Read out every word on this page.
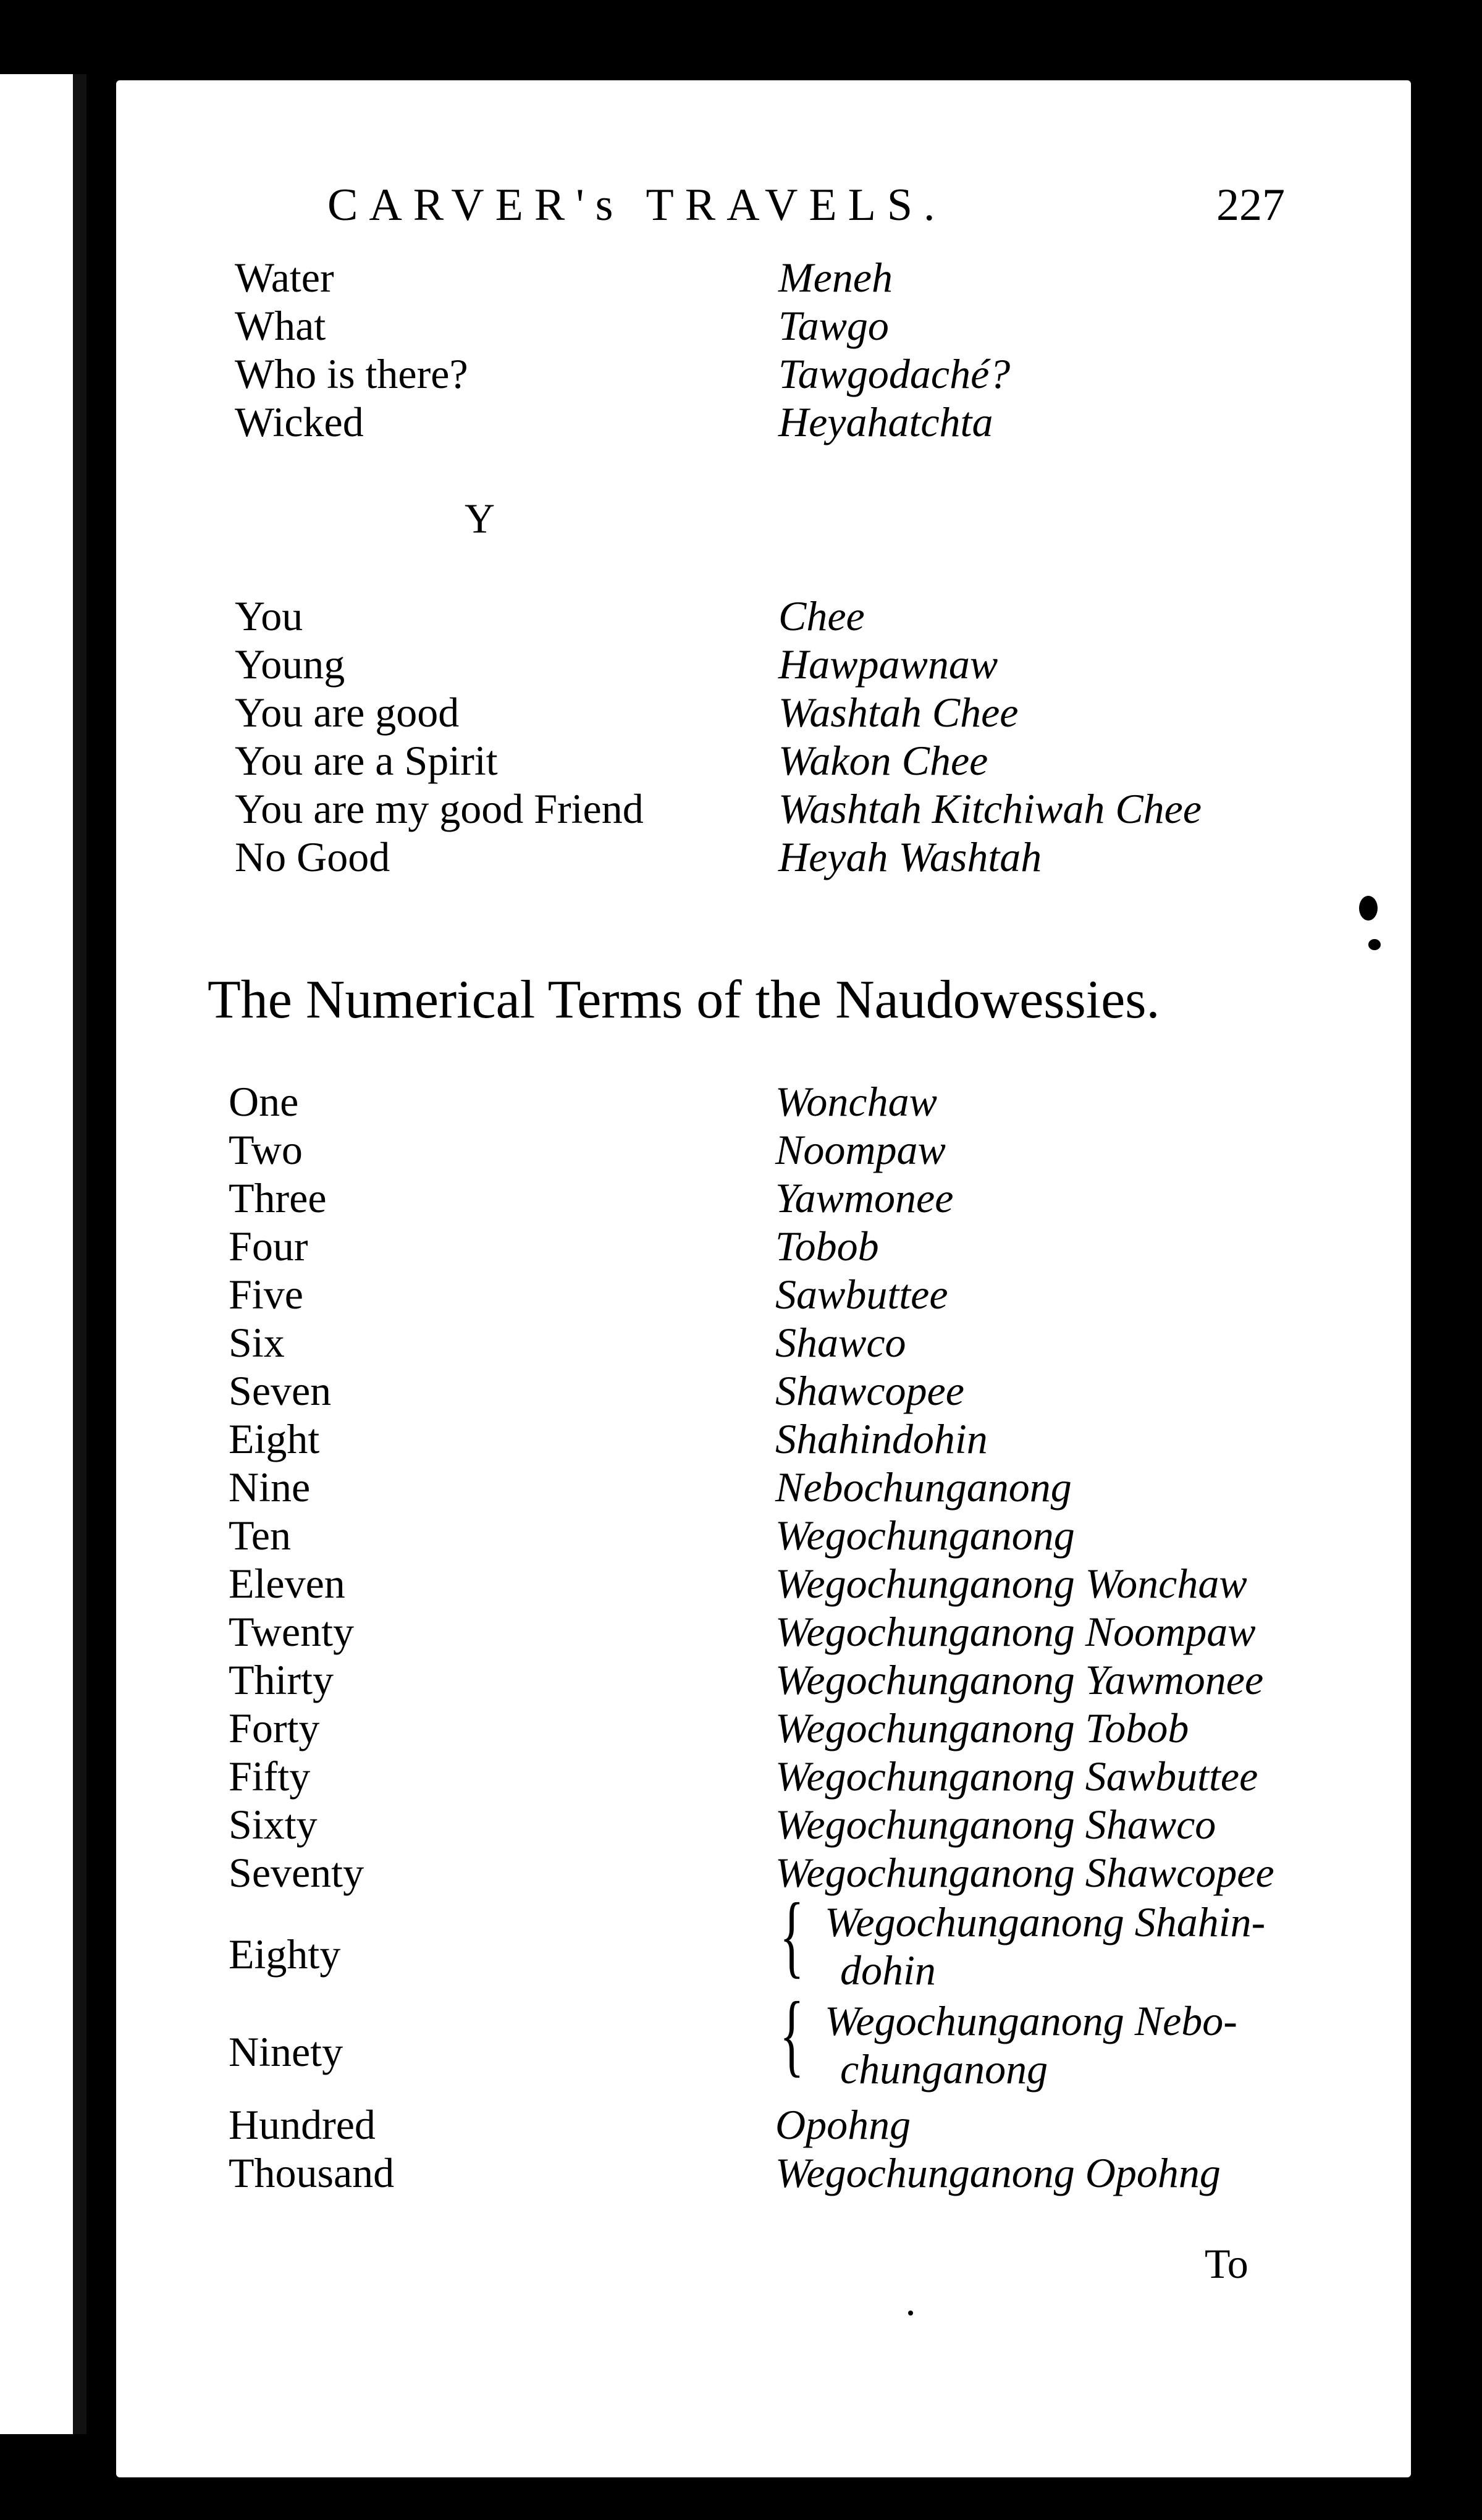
CARVER's TRAVELS.	227
Water	Meneh
What	Tawgo
Who is there?	Tawgodaché?
Wicked	Heyahatchta
Y
You	Chee
Young	Hawpawnaw
You are good	Washtah Chee
You are a Spirit	Wakon Chee
You are my good Friend	Washtah Kitchiwah Chee
No Good	Heyah Washtah
The Numerical Terms of the Naudowessies.
One	Wonchaw
Two	Noompaw
Three	Yawmonee
Four	Tobob
Five	Sawbuttee
Six	Shawco
Seven	Shawcopee
Eight	Shahindohin
Nine	Nebochunganong
Ten	Wegochunganong
Eleven	Wegochunganong Wonchaw
Twenty	Wegochunganong Noompaw
Thirty	Wegochunganong Yawmonee
Forty	Wegochunganong Tobob
Fifty	Wegochunganong Sawbuttee
Sixty	Wegochunganong Shawco
Seventy	Wegochunganong Shawcopee
Eighty	{ Wegochunganong Shahin-
dohin
Ninety	{ Wegochunganong Nebo-
chunganong
Hundred	Opohng
Thousand	Wegochunganong Opohng
To
